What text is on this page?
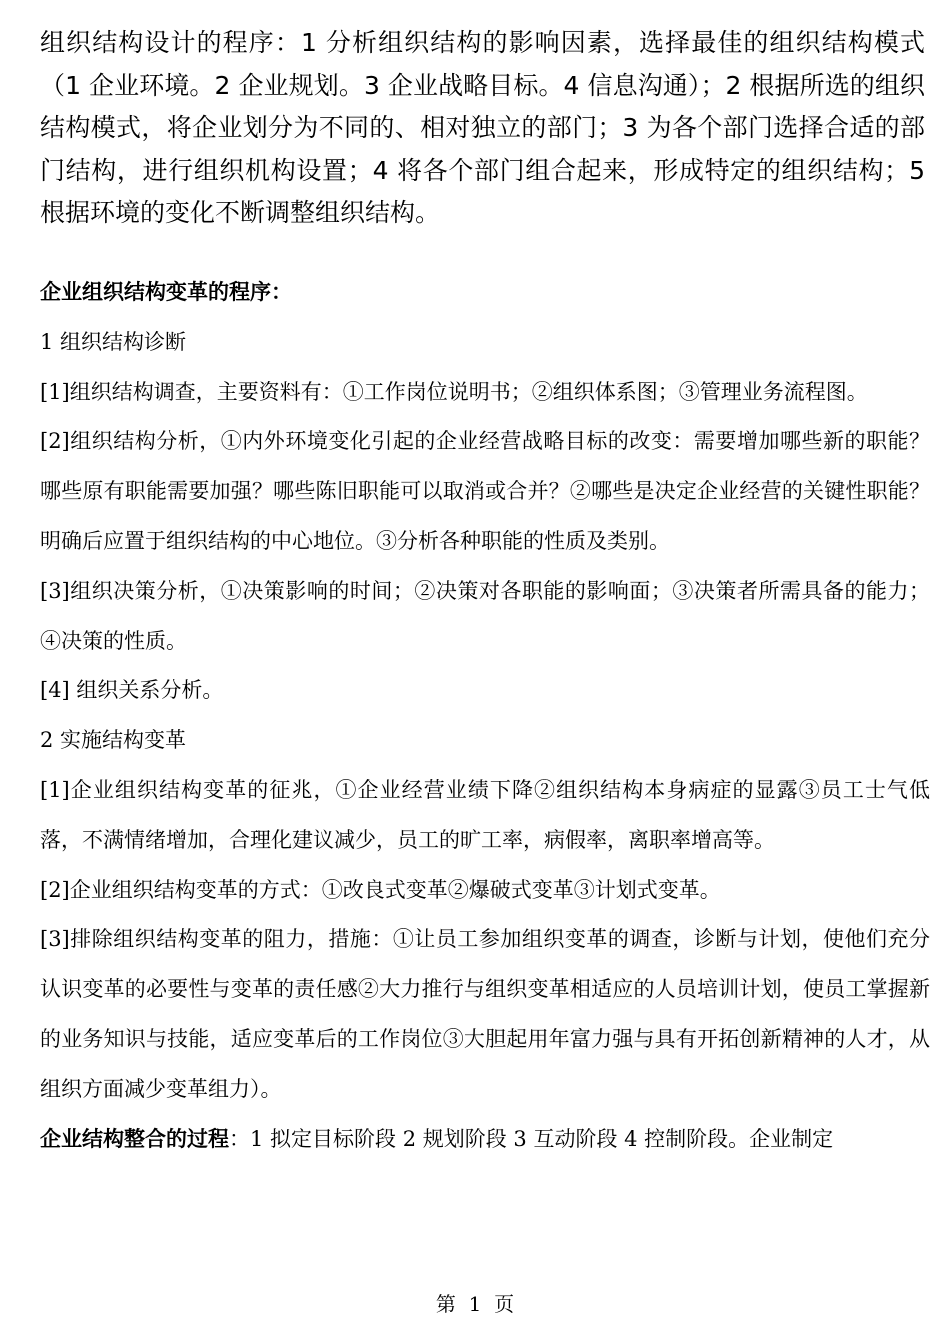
组织结构设计的程序：1 分析组织结构的影响因素，选择最佳的组织结构模式（1 企业环境。2 企业规划。3 企业战略目标。4 信息沟通）；2 根据所选的组织结构模式，将企业划分为不同的、相对独立的部门；3 为各个部门选择合适的部门结构，进行组织机构设置；4 将各个部门组合起来，形成特定的组织结构；5 根据环境的变化不断调整组织结构。

企业组织结构变革的程序：

1 组织结构诊断

[1]组织结构调查，主要资料有：①工作岗位说明书；②组织体系图；③管理业务流程图。

[2]组织结构分析，①内外环境变化引起的企业经营战略目标的改变：需要增加哪些新的职能？哪些原有职能需要加强？哪些陈旧职能可以取消或合并？②哪些是决定企业经营的关键性职能？明确后应置于组织结构的中心地位。③分析各种职能的性质及类别。

[3]组织决策分析，①决策影响的时间；②决策对各职能的影响面；③决策者所需具备的能力；④决策的性质。

[4] 组织关系分析。

2 实施结构变革

[1]企业组织结构变革的征兆，①企业经营业绩下降②组织结构本身病症的显露③员工士气低落，不满情绪增加，合理化建议减少，员工的旷工率，病假率，离职率增高等。

[2]企业组织结构变革的方式：①改良式变革②爆破式变革③计划式变革。

[3]排除组织结构变革的阻力，措施：①让员工参加组织变革的调查，诊断与计划，使他们充分认识变革的必要性与变革的责任感②大力推行与组织变革相适应的人员培训计划，使员工掌握新的业务知识与技能，适应变革后的工作岗位③大胆起用年富力强与具有开拓创新精神的人才，从组织方面减少变革组力）。

企业结构整合的过程：1 拟定目标阶段 2 规划阶段 3 互动阶段 4 控制阶段。企业制定

第  1  页
